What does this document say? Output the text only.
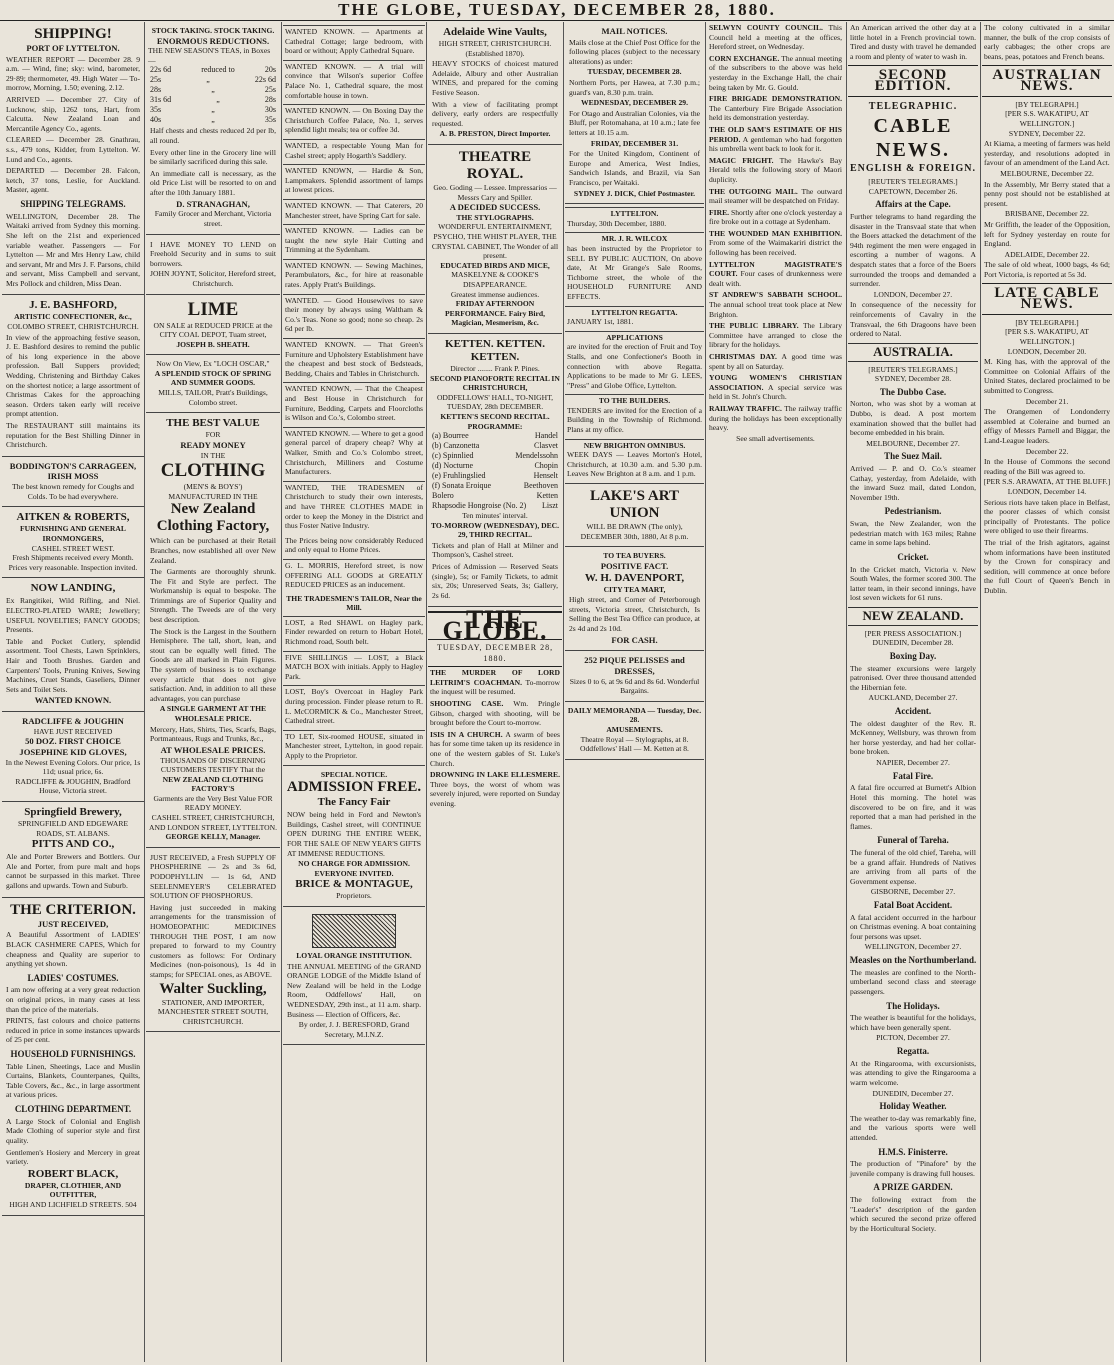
THE GLOBE, TUESDAY, DECEMBER 28, 1880.
SHIPPING!
PORT OF LYTTELTON.
WEATHER REPORT — December 28. 9 a.m. — Wind, fine; sky: wind, barometer, 29·89; thermometer, 49. High Water — To-morrow, Morning, 1.50; evening, 2.12.
ARRIVED — December 27. City of Lucknow, ship, 1262 tons, Hart, from Calcutta. New Zealand Loan and Mercantile Agency Co., agents.
CLEARED — December 28. Gnathrau, s.s., 479 tons, Kidder, from Lyttelton. W. Lund and Co., agents.
DEPARTED — December 28. Falcon, ketch, 37 tons, Leslie, for Auckland. Master, agent.
SHIPPING TELEGRAMS.
WELLINGTON, December 28. The Waitaki arrived from Sydney this morning. She left on the 21st and experienced variable weather. Passengers — For Lyttelton — Mr and Mrs Henry Law, child and servant, Mr and Mrs J. F. Parsons, child and servant, Miss Campbell and servant, Mrs Pollock and children, Miss Dean.
J. E. BASHFORD,
ARTISTIC CONFECTIONER, &c.,
COLOMBO STREET, CHRISTCHURCH.
In view of the approaching festive season, J. E. Bashford desires to remind the public of his long experience in the above profession. Ball Suppers provided; Wedding, Christening and Birthday Cakes on the shortest notice; a large assortment of Christmas Cakes for the approaching season. Orders taken early will receive prompt attention.
The RESTAURANT still maintains its reputation for the Best Shilling Dinner in Christchurch.
BODDINGTON'S CARRAGEEN, IRISH MOSS
The best known remedy for Coughs and Colds. To be had everywhere.
AITKEN & ROBERTS,
FURNISHING AND GENERAL IRONMONGERS,
CASHEL STREET WEST.
Fresh Shipments received every Month. Prices very reasonable. Inspection invited.
NOW LANDING,
Ex Rangitikei, Wild Rifling, and Niel. ELECTRO-PLATED WARE; Jewellery; USEFUL NOVELTIES; FANCY GOODS; Presents.
Table and Pocket Cutlery, splendid assortment. Tool Chests, Lawn Sprinklers, Hair and Tooth Brushes. Garden and Carpenters' Tools, Pruning Knives, Sewing Machines, Cruet Stands, Gaseliers, Dinner Sets and Toilet Sets.
WANTED KNOWN.
RADCLIFFE & JOUGHIN
HAVE JUST RECEIVED
50 DOZ. FIRST CHOICE JOSEPHINE KID GLOVES,
In the Newest Evening Colors. Our price, 1s 11d; usual price, 6s.
RADCLIFFE & JOUGHIN, Bradford House, Victoria street.
Springfield Brewery,
SPRINGFIELD AND EDGEWARE ROADS, ST. ALBANS.
PITTS AND CO.,
Ale and Porter Brewers and Bottlers. Our Ale and Porter, from pure malt and hops cannot be surpassed in this market. Three gallons and upwards. Town and Suburb.
THE CRITERION.
JUST RECEIVED,
A Beautiful Assortment of LADIES' BLACK CASHMERE CAPES, Which for cheapness and Quality are superior to anything yet shown.
LADIES' COSTUMES.
I am now offering at a very great reduction on original prices, in many cases at less than the price of the materials.
PRINTS, fast colours and choice patterns reduced in price in some instances upwards of 25 per cent.
HOUSEHOLD FURNISHINGS.
Table Linen, Sheetings, Lace and Muslin Curtains, Blankets, Counterpanes, Quilts, Table Covers, &c., &c., in large assortment at various prices.
CLOTHING DEPARTMENT.
A Large Stock of Colonial and English Made Clothing of superior style and first quality.
Gentlemen's Hosiery and Mercery in great variety.
ROBERT BLACK,
DRAPER, CLOTHIER, AND OUTFITTER,
HIGH AND LICHFIELD STREETS. 504
STOCK TAKING. STOCK TAKING.
ENORMOUS REDUCTIONS.
THE NEW SEASON'S TEAS, in Boxes —
22s 6d	reduced to	20s
25s	„	22s 6d
28s	„	25s
31s 6d	„	28s
35s	„	30s
40s	„	35s
Half chests and chests reduced 2d per lb, all round.
Every other line in the Grocery line will be similarly sacrificed during this sale.
An immediate call is necessary, as the old Price List will be resorted to on and after the 10th January 1881.
D. STRANAGHAN,
Family Grocer and Merchant, Victoria street.
I HAVE MONEY TO LEND on Freehold Security and in sums to suit borrowers.
JOHN JOYNT, Solicitor, Hereford street, Christchurch.
LIME
ON SALE at REDUCED PRICE at the CITY COAL DEPOT, Tuam street,
JOSEPH B. SHEATH.
Now On View, Ex "LOCH OSCAR,"
A SPLENDID STOCK OF SPRING AND SUMMER GOODS.
MILLS, TAILOR, Pratt's Buildings, Colombo street.
THE BEST VALUE
FOR
READY MONEY
IN THE
CLOTHING
(MEN'S & BOYS')
MANUFACTURED IN THE
New Zealand Clothing Factory,
Which can be purchased at their Retail Branches, now established all over New Zealand.
The Garments are thoroughly shrunk. The Fit and Style are perfect. The Workmanship is equal to bespoke. The Trimmings are of Superior Quality and Strength. The Tweeds are of the very best description.
The Stock is the Largest in the Southern Hemisphere. The tall, short, lean, and stout can be equally well fitted. The Goods are all marked in Plain Figures. The system of business is to exchange every article that does not give satisfaction. And, in addition to all these advantages, you can purchase
A SINGLE GARMENT AT THE WHOLESALE PRICE.
Mercery, Hats, Shirts, Ties, Scarfs, Bags, Portmanteaus, Rugs and Trunks, &c.,
AT WHOLESALE PRICES.
THOUSANDS OF DISCERNING CUSTOMERS TESTIFY That the
NEW ZEALAND CLOTHING FACTORY'S
Garments are the Very Best Value FOR READY MONEY.
CASHEL STREET, CHRISTCHURCH, AND LONDON STREET, LYTTELTON.
GEORGE KELLY, Manager.
JUST RECEIVED, a Fresh SUPPLY OF PHOSPHERINE — 2s and 3s 6d, PODOPHYLLIN — 1s 6d, AND SEELENMEYER'S CELEBRATED SOLUTION OF PHOSPHORUS.
Having just succeeded in making arrangements for the transmission of HOMOEOPATHIC MEDICINES THROUGH THE POST, I am now prepared to forward to my Country customers as follows: For Ordinary Medicines (non-poisonous), 1s 4d in stamps; for SPECIAL ones, as ABOVE.
Walter Suckling,
STATIONER, AND IMPORTER, MANCHESTER STREET SOUTH, CHRISTCHURCH.
WANTED KNOWN. — Apartments at Cathedral Cottage; large bedroom, with board or without; Apply Cathedral Square.
WANTED KNOWN. — A trial will convince that Wilson's superior Coffee Palace No. 1, Cathedral square, the most comfortable house in town.
WANTED KNOWN. — On Boxing Day the Christchurch Coffee Palace, No. 1, serves splendid light meals; tea or coffee 3d.
WANTED, a respectable Young Man for Cashel street; apply Hogarth's Saddlery.
WANTED KNOWN, — Hardie & Son, Lampmakers. Splendid assortment of lamps at lowest prices.
WANTED KNOWN. — That Caterers, 20 Manchester street, have Spring Cart for sale.
WANTED KNOWN. — Ladies can be taught the new style Hair Cutting and Trimming at the Sydenham.
WANTED KNOWN. — Sewing Machines, Perambulators, &c., for hire at reasonable rates. Apply Pratt's Buildings.
WANTED. — Good Housewives to save their money by always using Waltham & Co.'s Teas. None so good; none so cheap. 2s 6d per lb.
WANTED KNOWN. — That Green's Furniture and Upholstery Establishment have the cheapest and best stock of Bedsteads, Bedding, Chairs and Tables in Christchurch.
WANTED KNOWN, — That the Cheapest and Best House in Christchurch for Furniture, Bedding, Carpets and Floorcloths is Wilson and Co.'s, Colombo street.
WANTED KNOWN. — Where to get a good general parcel of drapery cheap? Why at Walker, Smith and Co.'s Colombo street, Christchurch, Milliners and Costume Manufacturers.
WANTED, THE TRADESMEN of Christchurch to study their own interests, and have THREE CLOTHES MADE in order to keep the Money in the District and thus Foster Native Industry.
The Prices being now considerably Reduced and only equal to Home Prices.
G. L. MORRIS, Hereford street, is now OFFERING ALL GOODS at GREATLY REDUCED PRICES as an inducement.
THE TRADESMEN'S TAILOR, Near the Mill.
LOST, a Red SHAWL on Hagley park, Finder rewarded on return to Hobart Hotel, Richmond road, South belt.
FIVE SHILLINGS — LOST, a Black MATCH BOX with initials. Apply to Hagley Park.
LOST, Boy's Overcoat in Hagley Park during procession. Finder please return to R. L. McCORMICK & Co., Manchester Street, Cathedral street.
TO LET, Six-roomed HOUSE, situated in Manchester street, Lyttelton, in good repair. Apply to the Proprietor.
SPECIAL NOTICE.
ADMISSION FREE.
The Fancy Fair
NOW being held in Ford and Newton's Buildings, Cashel street, will CONTINUE OPEN DURING THE ENTIRE WEEK, FOR THE SALE OF NEW YEAR'S GIFTS AT IMMENSE REDUCTIONS.
NO CHARGE FOR ADMISSION.
EVERYONE INVITED.
BRICE & MONTAGUE,
Proprietors.
LOYAL ORANGE INSTITUTION.
THE ANNUAL MEETING of the GRAND ORANGE LODGE of the Middle Island of New Zealand will be held in the Lodge Room, Oddfellows' Hall, on WEDNESDAY, 29th inst., at 11 a.m. sharp. Business — Election of Officers, &c.
By order, J. J. BERESFORD, Grand Secretary, M.I.N.Z.
Adelaide Wine Vaults,
HIGH STREET, CHRISTCHURCH. (Established 1870).
HEAVY STOCKS of choicest matured Adelaide, Albury and other Australian WINES, and prepared for the coming Festive Season.
With a view of facilitating prompt delivery, early orders are respectfully requested.
A. B. PRESTON, Direct Importer.
THEATRE ROYAL.
Geo. Goding — Lessee. Impressarios — Messrs Cary and Spiller.
A DECIDED SUCCESS.
THE STYLOGRAPHS.
WONDERFUL ENTERTAINMENT, PSYCHO, THE WHIST PLAYER, THE CRYSTAL CABINET, The Wonder of all present.
EDUCATED BIRDS AND MICE,
MASKELYNE & COOKE'S DISAPPEARANCE.
Greatest immense audiences.
FRIDAY AFTERNOON PERFORMANCE. Fairy Bird, Magician, Mesmerism, &c.
KETTEN. KETTEN. KETTEN.
Director ........ Frank P. Pines.
SECOND PIANOFORTE RECITAL IN CHRISTCHURCH,
ODDFELLOWS' HALL, TO-NIGHT, TUESDAY, 28th DECEMBER.
KETTEN'S SECOND RECITAL.
PROGRAMME:
(a) Bourree	Handel
(b) Canzonetta	Clasvet
(c) Spinnlied	Mendelssohn
(d) Nocturne	Chopin
(e) Fruhlingslied	Henselt
(f) Sonata Eroique	Beethoven
Bolero	Ketten
Rhapsodie Hongroise (No. 2) Liszt
Ten minutes' interval.
TO-MORROW (WEDNESDAY), DEC. 29, THIRD RECITAL.
Tickets and plan of Hall at Milner and Thompson's, Cashel street.
Prices of Admission — Reserved Seats (single), 5s; or Family Tickets, to admit six, 20s; Unreserved Seats, 3s; Gallery, 2s 6d.
THE GLOBE.
TUESDAY, DECEMBER 28, 1880.
THE MURDER OF LORD LEITRIM'S COACHMAN. To-morrow the inquest will be resumed.
SHOOTING CASE. Wm. Pringle Gibson, charged with shooting, will be brought before the Court to-morrow.
ISIS IN A CHURCH. A swarm of bees has for some time taken up its residence in one of the western gables of St. Luke's Church.
DROWNING IN LAKE ELLESMERE. Three boys, the worst of whom was severely injured, were reported on Sunday evening.
MAIL NOTICES.
Mails close at the Chief Post Office for the following places (subject to the necessary alterations) as under:
TUESDAY, DECEMBER 28.
Northern Ports, per Hawea, at 7.30 p.m.; guard's van, 8.30 p.m. train.
WEDNESDAY, DECEMBER 29.
For Otago and Australian Colonies, via the Bluff, per Rotomahana, at 10 a.m.; late fee letters at 10.15 a.m.
FRIDAY, DECEMBER 31.
For the United Kingdom, Continent of Europe and America, West Indies, Sandwich Islands, and Brazil, via San Francisco, per Waitaki.
SYDNEY J. DICK, Chief Postmaster.
LYTTELTON.
Thursday, 30th December, 1880.
MR. J. R. WILCOX
has been instructed by the Proprietor to SELL BY PUBLIC AUCTION, On above date, At Mr Grange's Sale Rooms, Tichborne street, the whole of the HOUSEHOLD FURNITURE AND EFFECTS.
LYTTELTON REGATTA.
JANUARY 1st, 1881.
APPLICATIONS
are invited for the erection of Fruit and Toy Stalls, and one Confectioner's Booth in connection with above Regatta. Applications to be made to Mr G. LEES, "Press" and Globe Office, Lyttelton.
TO THE BUILDERS.
TENDERS are invited for the Erection of a Building in the Township of Richmond. Plans at my office.
NEW BRIGHTON OMNIBUS.
WEEK DAYS — Leaves Morton's Hotel, Christchurch, at 10.30 a.m. and 5.30 p.m. Leaves New Brighton at 8 a.m. and 1 p.m.
LAKE'S ART UNION
WILL BE DRAWN (The only), DECEMBER 30th, 1880, At 8 p.m.
TO TEA BUYERS.
POSITIVE FACT.
W. H. DAVENPORT,
CITY TEA MART,
High street, and Corner of Peterborough streets, Victoria street, Christchurch, Is Selling the Best Tea Office can produce, at 2s 4d and 2s 10d.
FOR CASH.
252 PIQUE PELISSES and DRESSES,
Sizes 0 to 6, at 9s 6d and 8s 6d. Wonderful Bargains.
DAILY MEMORANDA — Tuesday, Dec. 28.
AMUSEMENTS.
Theatre Royal — Stylographs, at 8. Oddfellows' Hall — M. Ketten at 8.
SELWYN COUNTY COUNCIL. This Council held a meeting at the offices, Hereford street, on Wednesday.
CORN EXCHANGE. The annual meeting of the subscribers to the above was held yesterday in the Exchange Hall, the chair being taken by Mr. G. Gould.
FIRE BRIGADE DEMONSTRATION. The Canterbury Fire Brigade Association held its demonstration yesterday.
THE OLD SAM'S ESTIMATE OF HIS PERIOD. A gentleman who had forgotten his umbrella went back to look for it.
MAGIC FRIGHT. The Hawke's Bay Herald tells the following story of Maori duplicity.
THE OUTGOING MAIL. The outward mail steamer will be despatched on Friday.
FIRE. Shortly after one o'clock yesterday a fire broke out in a cottage at Sydenham.
THE WOUNDED MAN EXHIBITION. From some of the Waimakariri district the following has been received.
LYTTELTON MAGISTRATE'S COURT. Four cases of drunkenness were dealt with.
ST ANDREW'S SABBATH SCHOOL. The annual school treat took place at New Brighton.
THE PUBLIC LIBRARY. The Library Committee have arranged to close the library for the holidays.
CHRISTMAS DAY. A good time was spent by all on Saturday.
YOUNG WOMEN'S CHRISTIAN ASSOCIATION. A special service was held in St. John's Church.
RAILWAY TRAFFIC. The railway traffic during the holidays has been exceptionally heavy.
See small advertisements.
An American arrived the other day at a little hotel in a French provincial town. Tired and dusty with travel he demanded a room and plenty of water to wash in.
SECOND EDITION.
TELEGRAPHIC.
CABLE NEWS.
ENGLISH & FOREIGN.
[REUTER'S TELEGRAMS.]
CAPETOWN, December 26.
Affairs at the Cape.
Further telegrams to hand regarding the disaster in the Transvaal state that when the Boers attacked the detachment of the 94th regiment the men were engaged in escorting a number of wagons. A despatch states that a force of the Boers surrounded the troops and demanded a surrender.
LONDON, December 27.
In consequence of the necessity for reinforcements of Cavalry in the Transvaal, the 6th Dragoons have been ordered to Natal.
AUSTRALIA.
[REUTER'S TELEGRAMS.]
SYDNEY, December 28.
The Dubbo Case.
Norton, who was shot by a woman at Dubbo, is dead. A post mortem examination showed that the bullet had become embedded in his brain.
MELBOURNE, December 27.
The Suez Mail.
Arrived — P. and O. Co.'s steamer Cathay, yesterday, from Adelaide, with the inward Suez mail, dated London, November 19th.
Pedestrianism.
Swan, the New Zealander, won the pedestrian match with 163 miles; Rahne came in some laps behind.
Cricket.
In the Cricket match, Victoria v. New South Wales, the former scored 300. The latter team, in their second innings, have lost seven wickets for 61 runs.
NEW ZEALAND.
[PER PRESS ASSOCIATION.]
DUNEDIN, December 28.
Boxing Day.
The steamer excursions were largely patronised. Over three thousand attended the Hibernian fete.
AUCKLAND, December 27.
Accident.
The oldest daughter of the Rev. R. McKenney, Wellsbury, was thrown from her horse yesterday, and had her collar-bone broken.
NAPIER, December 27.
Fatal Fire.
A fatal fire occurred at Burnett's Albion Hotel this morning. The hotel was discovered to be on fire, and it was reported that a man had perished in the flames.
Funeral of Tareha.
The funeral of the old chief, Tareha, will be a grand affair. Hundreds of Natives are arriving from all parts of the Government expense.
GISBORNE, December 27.
Fatal Boat Accident.
A fatal accident occurred in the harbour on Christmas evening. A boat containing four persons was upset.
WELLINGTON, December 27.
Measles on the Northumberland.
The measles are confined to the North-umberland second class and steerage passengers.
The Holidays.
The weather is beautiful for the holidays, which have been generally spent.
PICTON, December 27.
Regatta.
At the Ringarooma, with excursionists, was attending to give the Ringarooma a warm welcome.
DUNEDIN, December 27.
Holiday Weather.
The weather to-day was remarkably fine, and the various sports were well attended.
H.M.S. Finisterre.
The production of "Pinafore" by the juvenile company is drawing full houses.
A PRIZE GARDEN.
The following extract from the "Leader's" description of the garden which secured the second prize offered by the Horticultural Society.
The colony cultivated in a similar manner, the bulk of the crop consists of early cabbages; the other crops are beans, peas, potatoes and French beans.
AUSTRALIAN NEWS.
[BY TELEGRAPH.]
[PER S.S. WAKATIPU, AT WELLINGTON.]
SYDNEY, December 22.
At Kiama, a meeting of farmers was held yesterday, and resolutions adopted in favour of an amendment of the Land Act.
MELBOURNE, December 22.
In the Assembly, Mr Berry stated that a penny post should not be established at present.
BRISBANE, December 22.
Mr Griffith, the leader of the Opposition, left for Sydney yesterday en route for England.
ADELAIDE, December 22.
The sale of old wheat, 1000 bags, 4s 6d; Port Victoria, is reported at 5s 3d.
LATE CABLE NEWS.
[BY TELEGRAPH.]
[PER S.S. WAKATIPU, AT WELLINGTON.]
LONDON, December 20.
M. King has, with the approval of the Committee on Colonial Affairs of the United States, declared proclaimed to be submitted to Congress.
December 21.
The Orangemen of Londonderry assembled at Coleraine and burned an effigy of Messrs Parnell and Biggar, the Land-League leaders.
December 22.
In the House of Commons the second reading of the Bill was agreed to.
[PER S.S. ARAWATA, AT THE BLUFF.]
LONDON, December 14.
Serious riots have taken place in Belfast, the poorer classes of which consist principally of Protestants. The police were obliged to use their firearms.
The trial of the Irish agitators, against whom informations have been instituted by the Crown for conspiracy and sedition, will commence at once before the full Court of Queen's Bench in Dublin.
